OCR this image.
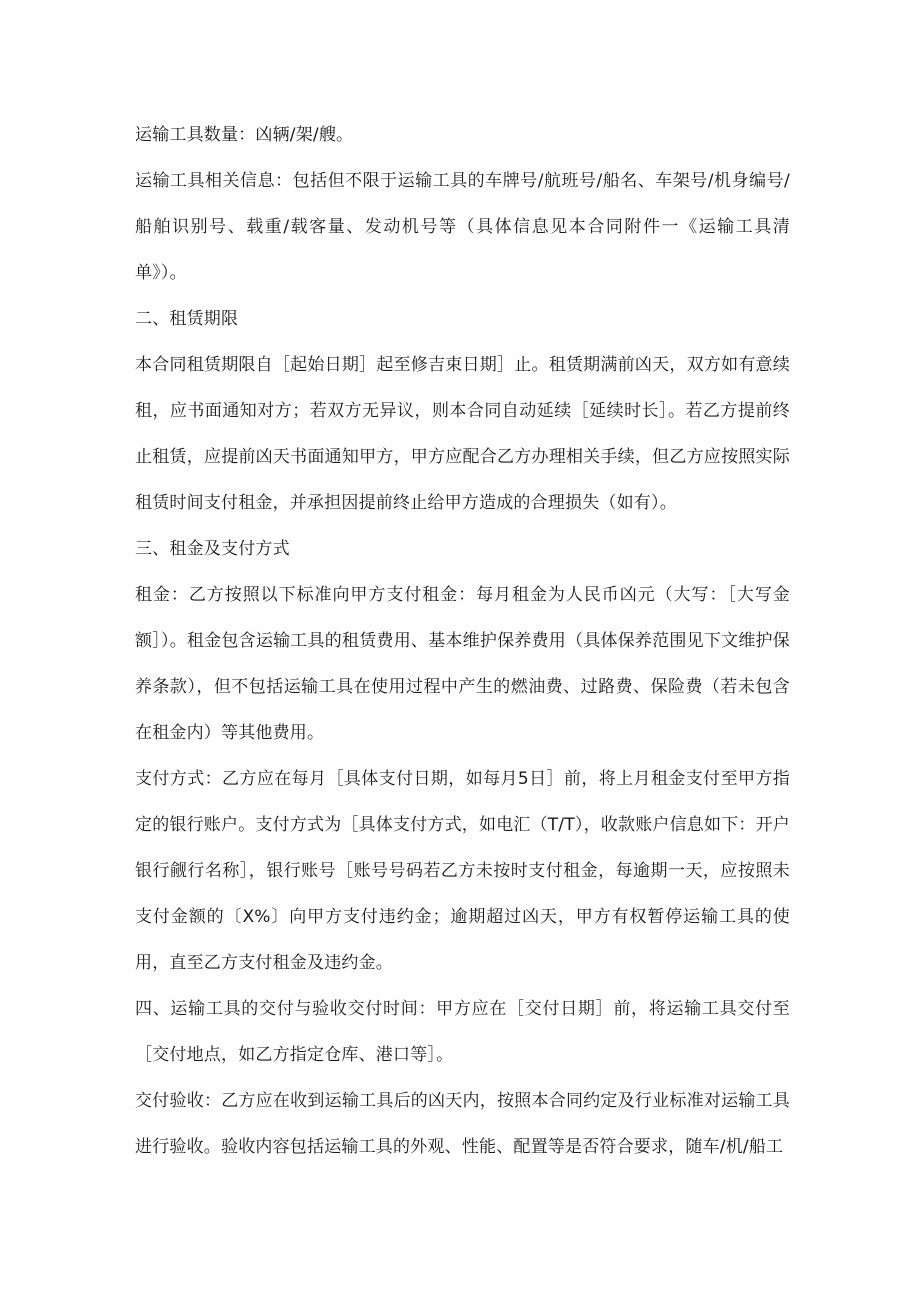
运输工具数量：凶辆/架/艘。

运输工具相关信息：包括但不限于运输工具的车牌号/航班号/船名、车架号/机身编号/船舶识别号、载重/载客量、发动机号等（具体信息见本合同附件一《运输工具清单》）。

二、租赁期限

本合同租赁期限自［起始日期］起至修吉束日期］止。租赁期满前凶天，双方如有意续租，应书面通知对方；若双方无异议，则本合同自动延续［延续时长］。若乙方提前终止租赁，应提前凶天书面通知甲方，甲方应配合乙方办理相关手续，但乙方应按照实际租赁时间支付租金，并承担因提前终止给甲方造成的合理损失（如有）。

三、租金及支付方式

租金：乙方按照以下标准向甲方支付租金：每月租金为人民币凶元（大写：［大写金额］）。租金包含运输工具的租赁费用、基本维护保养费用（具体保养范围见下文维护保养条款），但不包括运输工具在使用过程中产生的燃油费、过路费、保险费（若未包含在租金内）等其他费用。

支付方式：乙方应在每月［具体支付日期，如每月5日］前，将上月租金支付至甲方指定的银行账户。支付方式为［具体支付方式，如电汇（T/T），收款账户信息如下：开户银行觎行名称］，银行账号［账号号码若乙方未按时支付租金，每逾期一天，应按照未支付金额的〔X%〕向甲方支付违约金；逾期超过凶天，甲方有权暂停运输工具的使用，直至乙方支付租金及违约金。

四、运输工具的交付与验收交付时间：甲方应在［交付日期］前，将运输工具交付至［交付地点，如乙方指定仓库、港口等］。

交付验收：乙方应在收到运输工具后的凶天内，按照本合同约定及行业标准对运输工具进行验收。验收内容包括运输工具的外观、性能、配置等是否符合要求，随车/机/船工
